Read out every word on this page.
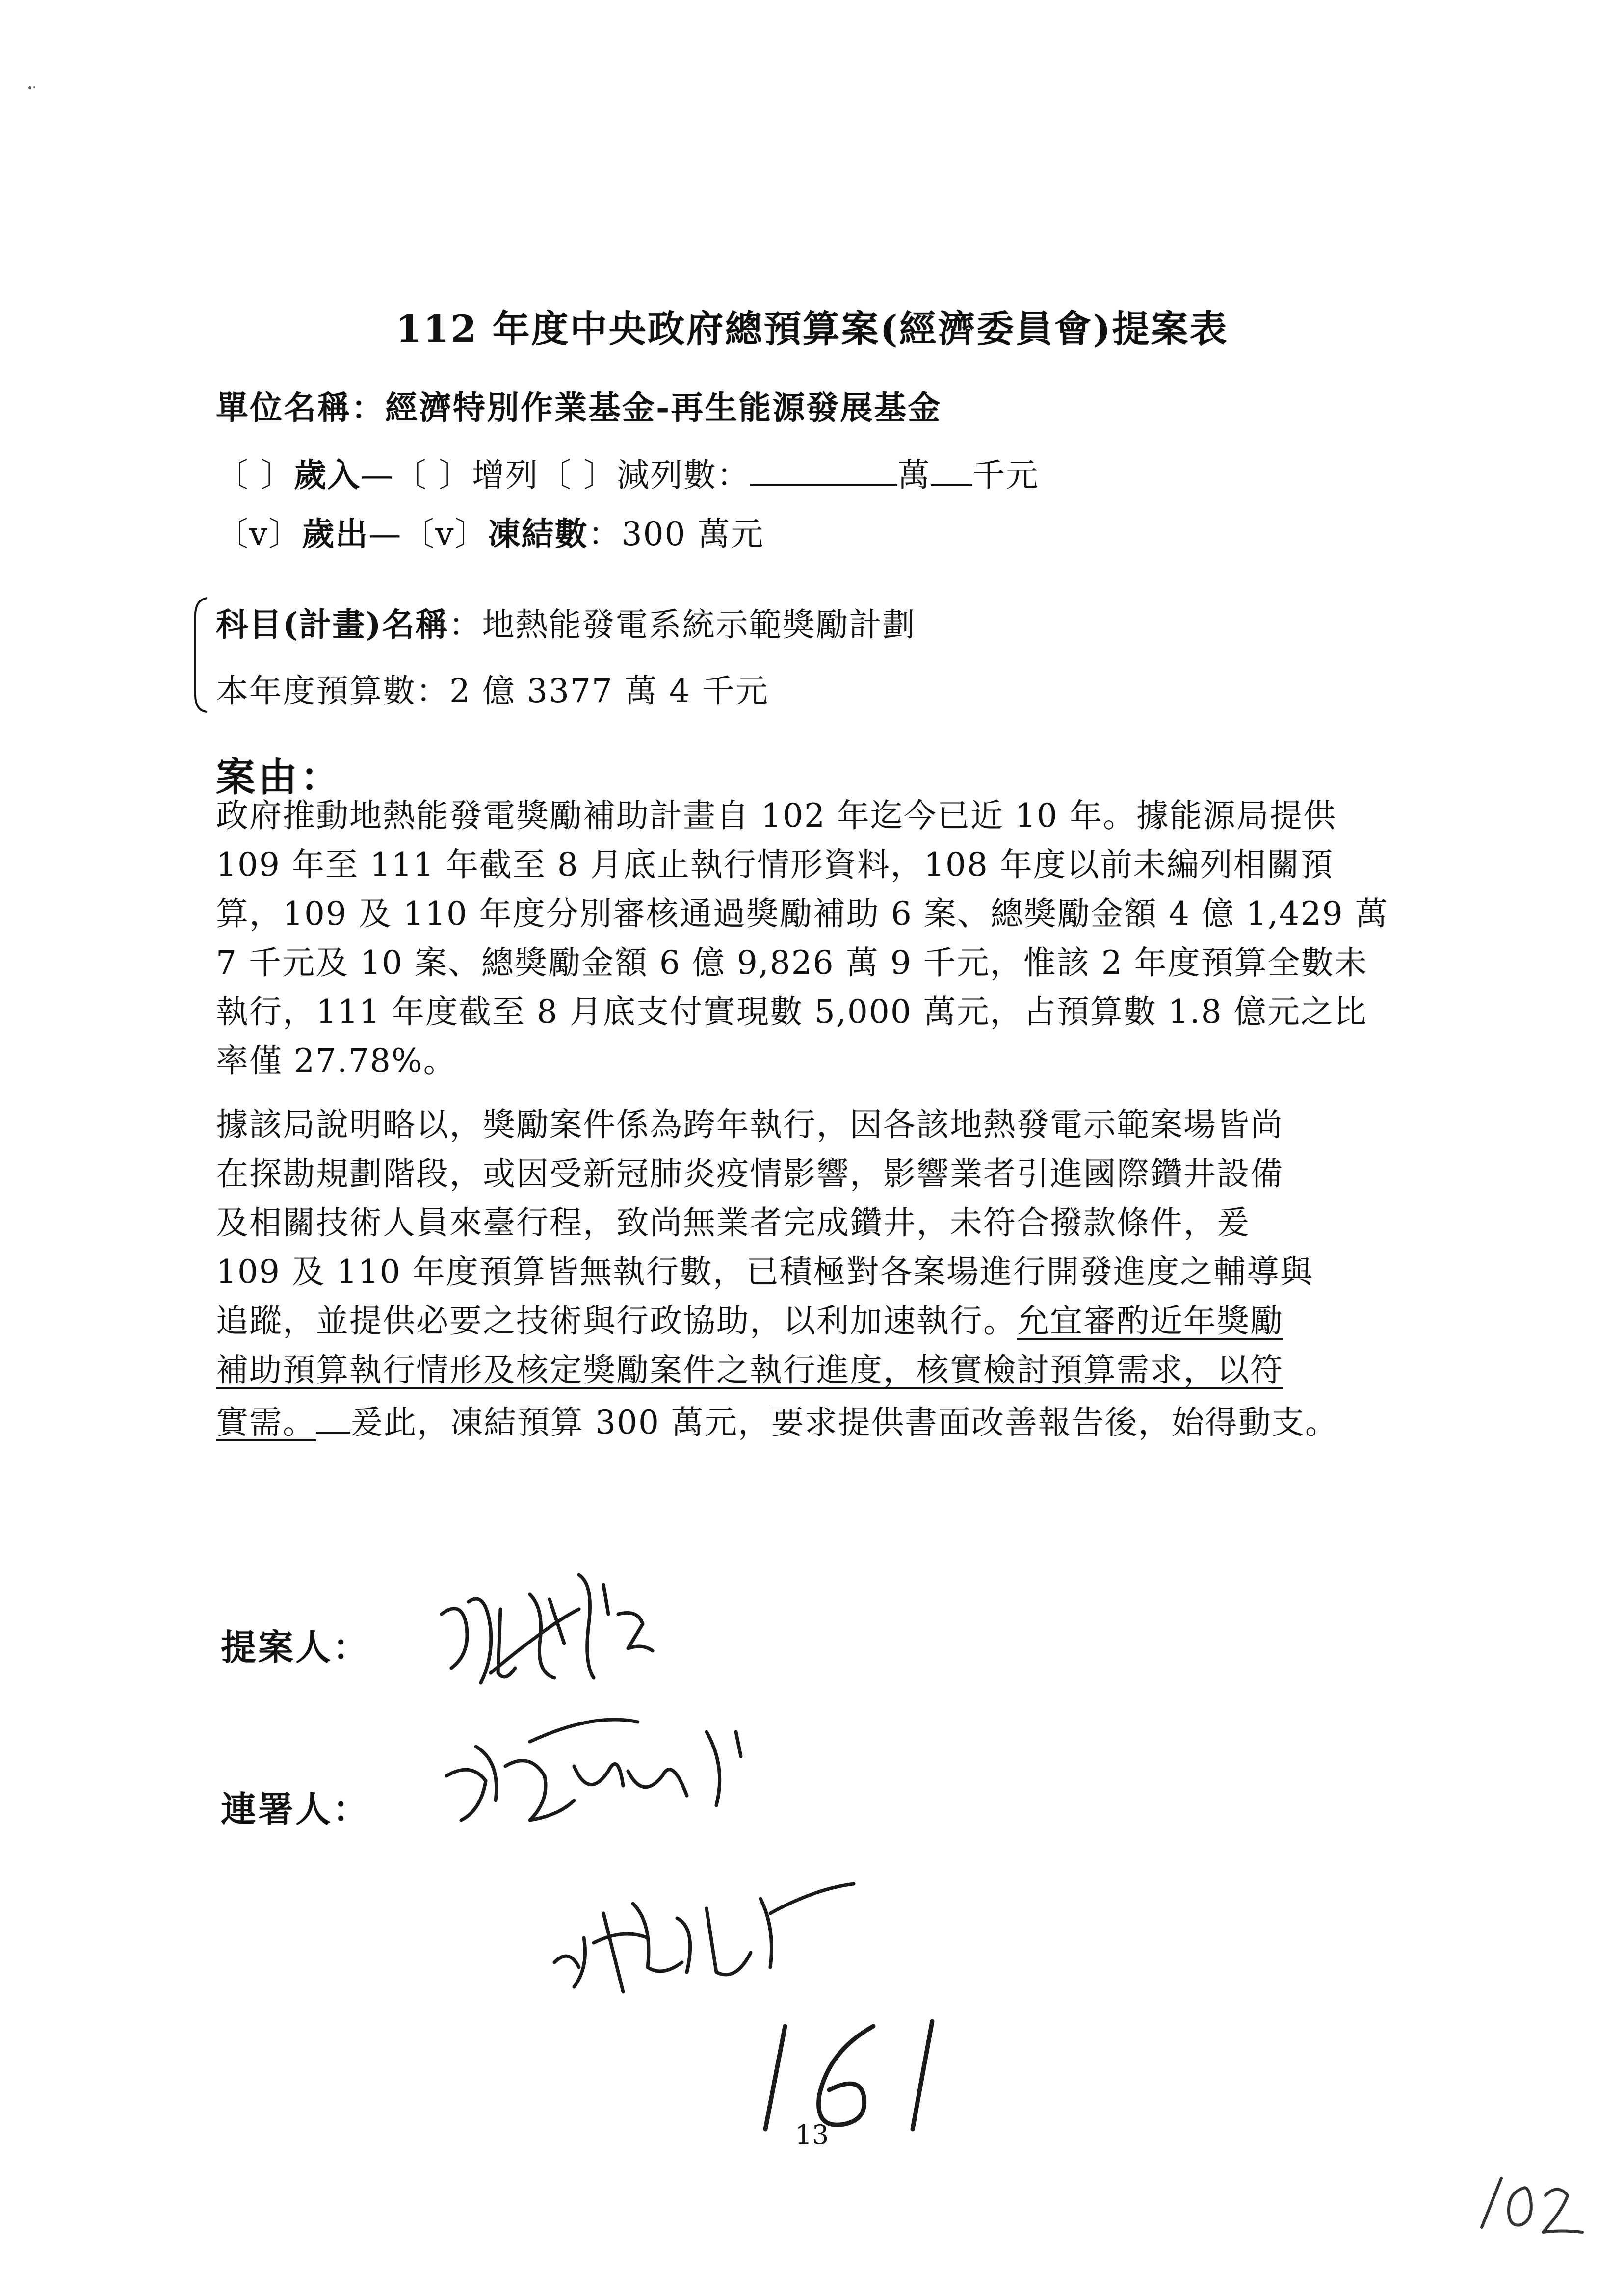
112 年度中央政府總預算案(經濟委員會)提案表
單位名稱：經濟特別作業基金-再生能源發展基金
〔 〕歲入—〔 〕增列〔 〕減列數：	萬 千元
〔v〕歲出—〔v〕凍結數：300 萬元
科目(計畫)名稱：地熱能發電系統示範獎勵計劃
本年度預算數：2 億 3377 萬 4 千元
案由：
政府推動地熱能發電獎勵補助計畫自 102 年迄今已近 10 年。據能源局提供
109 年至 111 年截至 8 月底止執行情形資料，108 年度以前未編列相關預
算，109 及 110 年度分別審核通過獎勵補助 6 案、總獎勵金額 4 億 1,429 萬
7 千元及 10 案、總獎勵金額 6 億 9,826 萬 9 千元，惟該 2 年度預算全數未
執行，111 年度截至 8 月底支付實現數 5,000 萬元，占預算數 1.8 億元之比
率僅 27.78%。
據該局說明略以，獎勵案件係為跨年執行，因各該地熱發電示範案場皆尚
在探勘規劃階段，或因受新冠肺炎疫情影響，影響業者引進國際鑽井設備
及相關技術人員來臺行程，致尚無業者完成鑽井，未符合撥款條件，爰
109 及 110 年度預算皆無執行數，已積極對各案場進行開發進度之輔導與
追蹤，並提供必要之技術與行政協助，以利加速執行。允宜審酌近年獎勵
補助預算執行情形及核定獎勵案件之執行進度，核實檢討預算需求，以符
實需。 爰此，凍結預算 300 萬元，要求提供書面改善報告後，始得動支。
提案人：
連署人：
13
